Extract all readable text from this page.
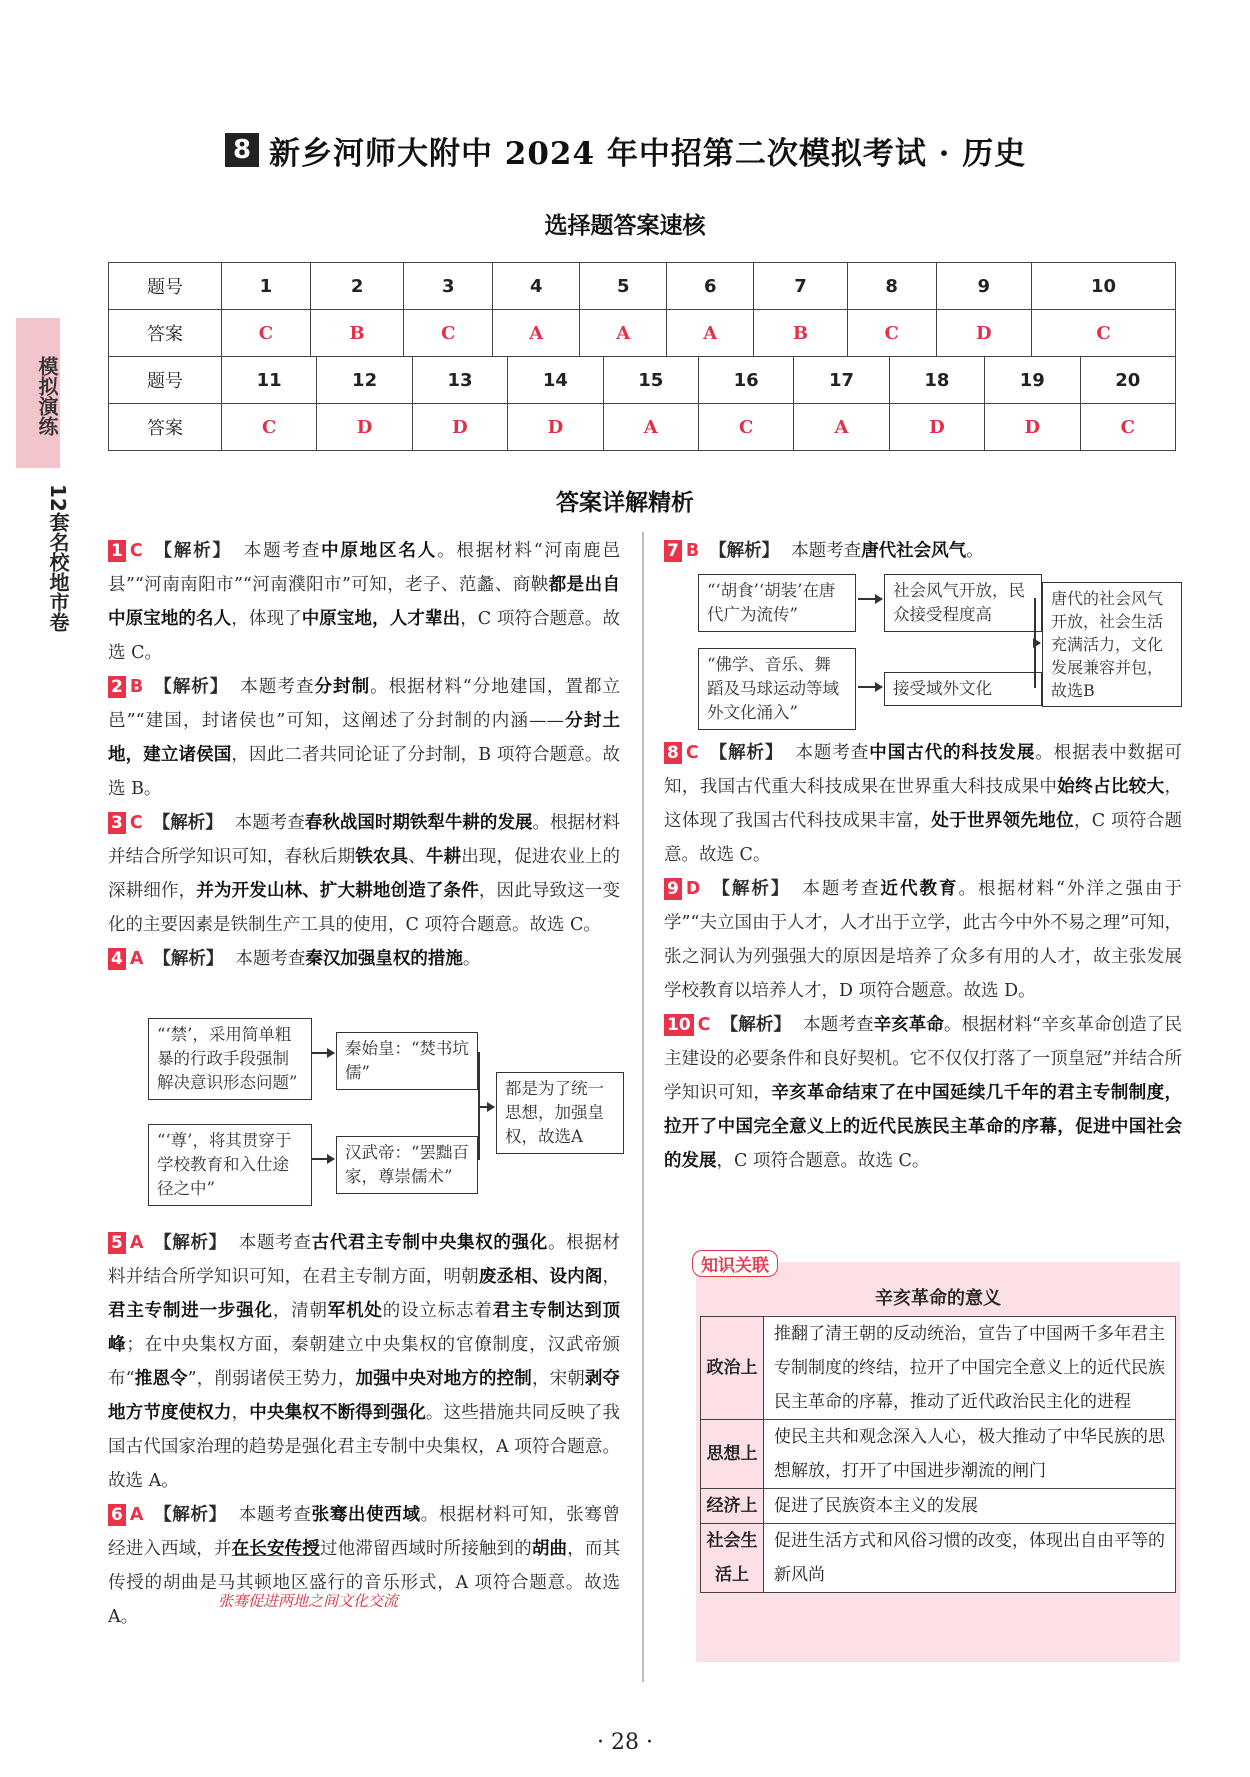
模拟演练
12套名校地市卷
8 新乡河师大附中 2024 年中招第二次模拟考试 · 历史
选择题答案速核
题号	1	2	3	4	5	6	7	8	9	10
答案	C	B	C	A	A	A	B	C	D	C
题号	11	12	13	14	15	16	17	18	19	20
答案	C	D	D	D	A	C	A	D	D	C
答案详解精析

1 C 【解析】 本题考查中原地区名人。根据材料“河南鹿邑县”“河南南阳市”“河南濮阳市”可知，老子、范蠡、商鞅都是出自中原宝地的名人，体现了中原宝地，人才辈出，C 项符合题意。故选 C。

2 B 【解析】 本题考查分封制。根据材料“分地建国，置都立邑”“建国，封诸侯也”可知，这阐述了分封制的内涵——分封土地，建立诸侯国，因此二者共同论证了分封制，B 项符合题意。故选 B。

3 C 【解析】 本题考查春秋战国时期铁犁牛耕的发展。根据材料并结合所学知识可知，春秋后期铁农具、牛耕出现，促进农业上的深耕细作，并为开发山林、扩大耕地创造了条件，因此导致这一变化的主要因素是铁制生产工具的使用，C 项符合题意。故选 C。

4 A 【解析】 本题考查秦汉加强皇权的措施。

“‘禁’，采用简单粗暴的行政手段强制解决意识形态问题”
秦始皇：“焚书坑儒”
“‘尊’，将其贯穿于学校教育和入仕途径之中”
汉武帝：“罢黜百家，尊崇儒术”
都是为了统一思想，加强皇权，故选A

5 A 【解析】 本题考查古代君主专制中央集权的强化。根据材料并结合所学知识可知，在君主专制方面，明朝废丞相、设内阁，君主专制进一步强化，清朝军机处的设立标志着君主专制达到顶峰；在中央集权方面，秦朝建立中央集权的官僚制度，汉武帝颁布“推恩令”，削弱诸侯王势力，加强中央对地方的控制，宋朝剥夺地方节度使权力，中央集权不断得到强化。这些措施共同反映了我国古代国家治理的趋势是强化君主专制中央集权，A 项符合题意。故选 A。

6 A 【解析】 本题考查张骞出使西域。根据材料可知，张骞曾经进入西域，并在长安传授过他滞留西域时所接触到的胡曲，而其传授的胡曲是马其顿地区盛行的音乐形式，A 项符合题意。故选 A。

张骞促进两地之间文化交流

7 B 【解析】 本题考查唐代社会风气。

“‘胡食’‘胡装’在唐代广为流传”
社会风气开放，民众接受程度高
“佛学、音乐、舞蹈及马球运动等域外文化涌入”
接受域外文化
唐代的社会风气开放，社会生活充满活力，文化发展兼容并包，故选B

8 C 【解析】 本题考查中国古代的科技发展。根据表中数据可知，我国古代重大科技成果在世界重大科技成果中始终占比较大，这体现了我国古代科技成果丰富，处于世界领先地位，C 项符合题意。故选 C。

9 D 【解析】 本题考查近代教育。根据材料“外洋之强由于学”“夫立国由于人才，人才出于立学，此古今中外不易之理”可知，张之洞认为列强强大的原因是培养了众多有用的人才，故主张发展学校教育以培养人才，D 项符合题意。故选 D。

10 C 【解析】 本题考查辛亥革命。根据材料“辛亥革命创造了民主建设的必要条件和良好契机。它不仅仅打落了一顶皇冠”并结合所学知识可知，辛亥革命结束了在中国延续几千年的君主专制制度，拉开了中国完全意义上的近代民族民主革命的序幕，促进中国社会的发展，C 项符合题意。故选 C。

知识关联
辛亥革命的意义
政治上	推翻了清王朝的反动统治，宣告了中国两千多年君主专制制度的终结，拉开了中国完全意义上的近代民族民主革命的序幕，推动了近代政治民主化的进程
思想上	使民主共和观念深入人心，极大推动了中华民族的思想解放，打开了中国进步潮流的闸门
经济上	促进了民族资本主义的发展
社会生活上	促进生活方式和风俗习惯的改变，体现出自由平等的新风尚
· 28 ·
